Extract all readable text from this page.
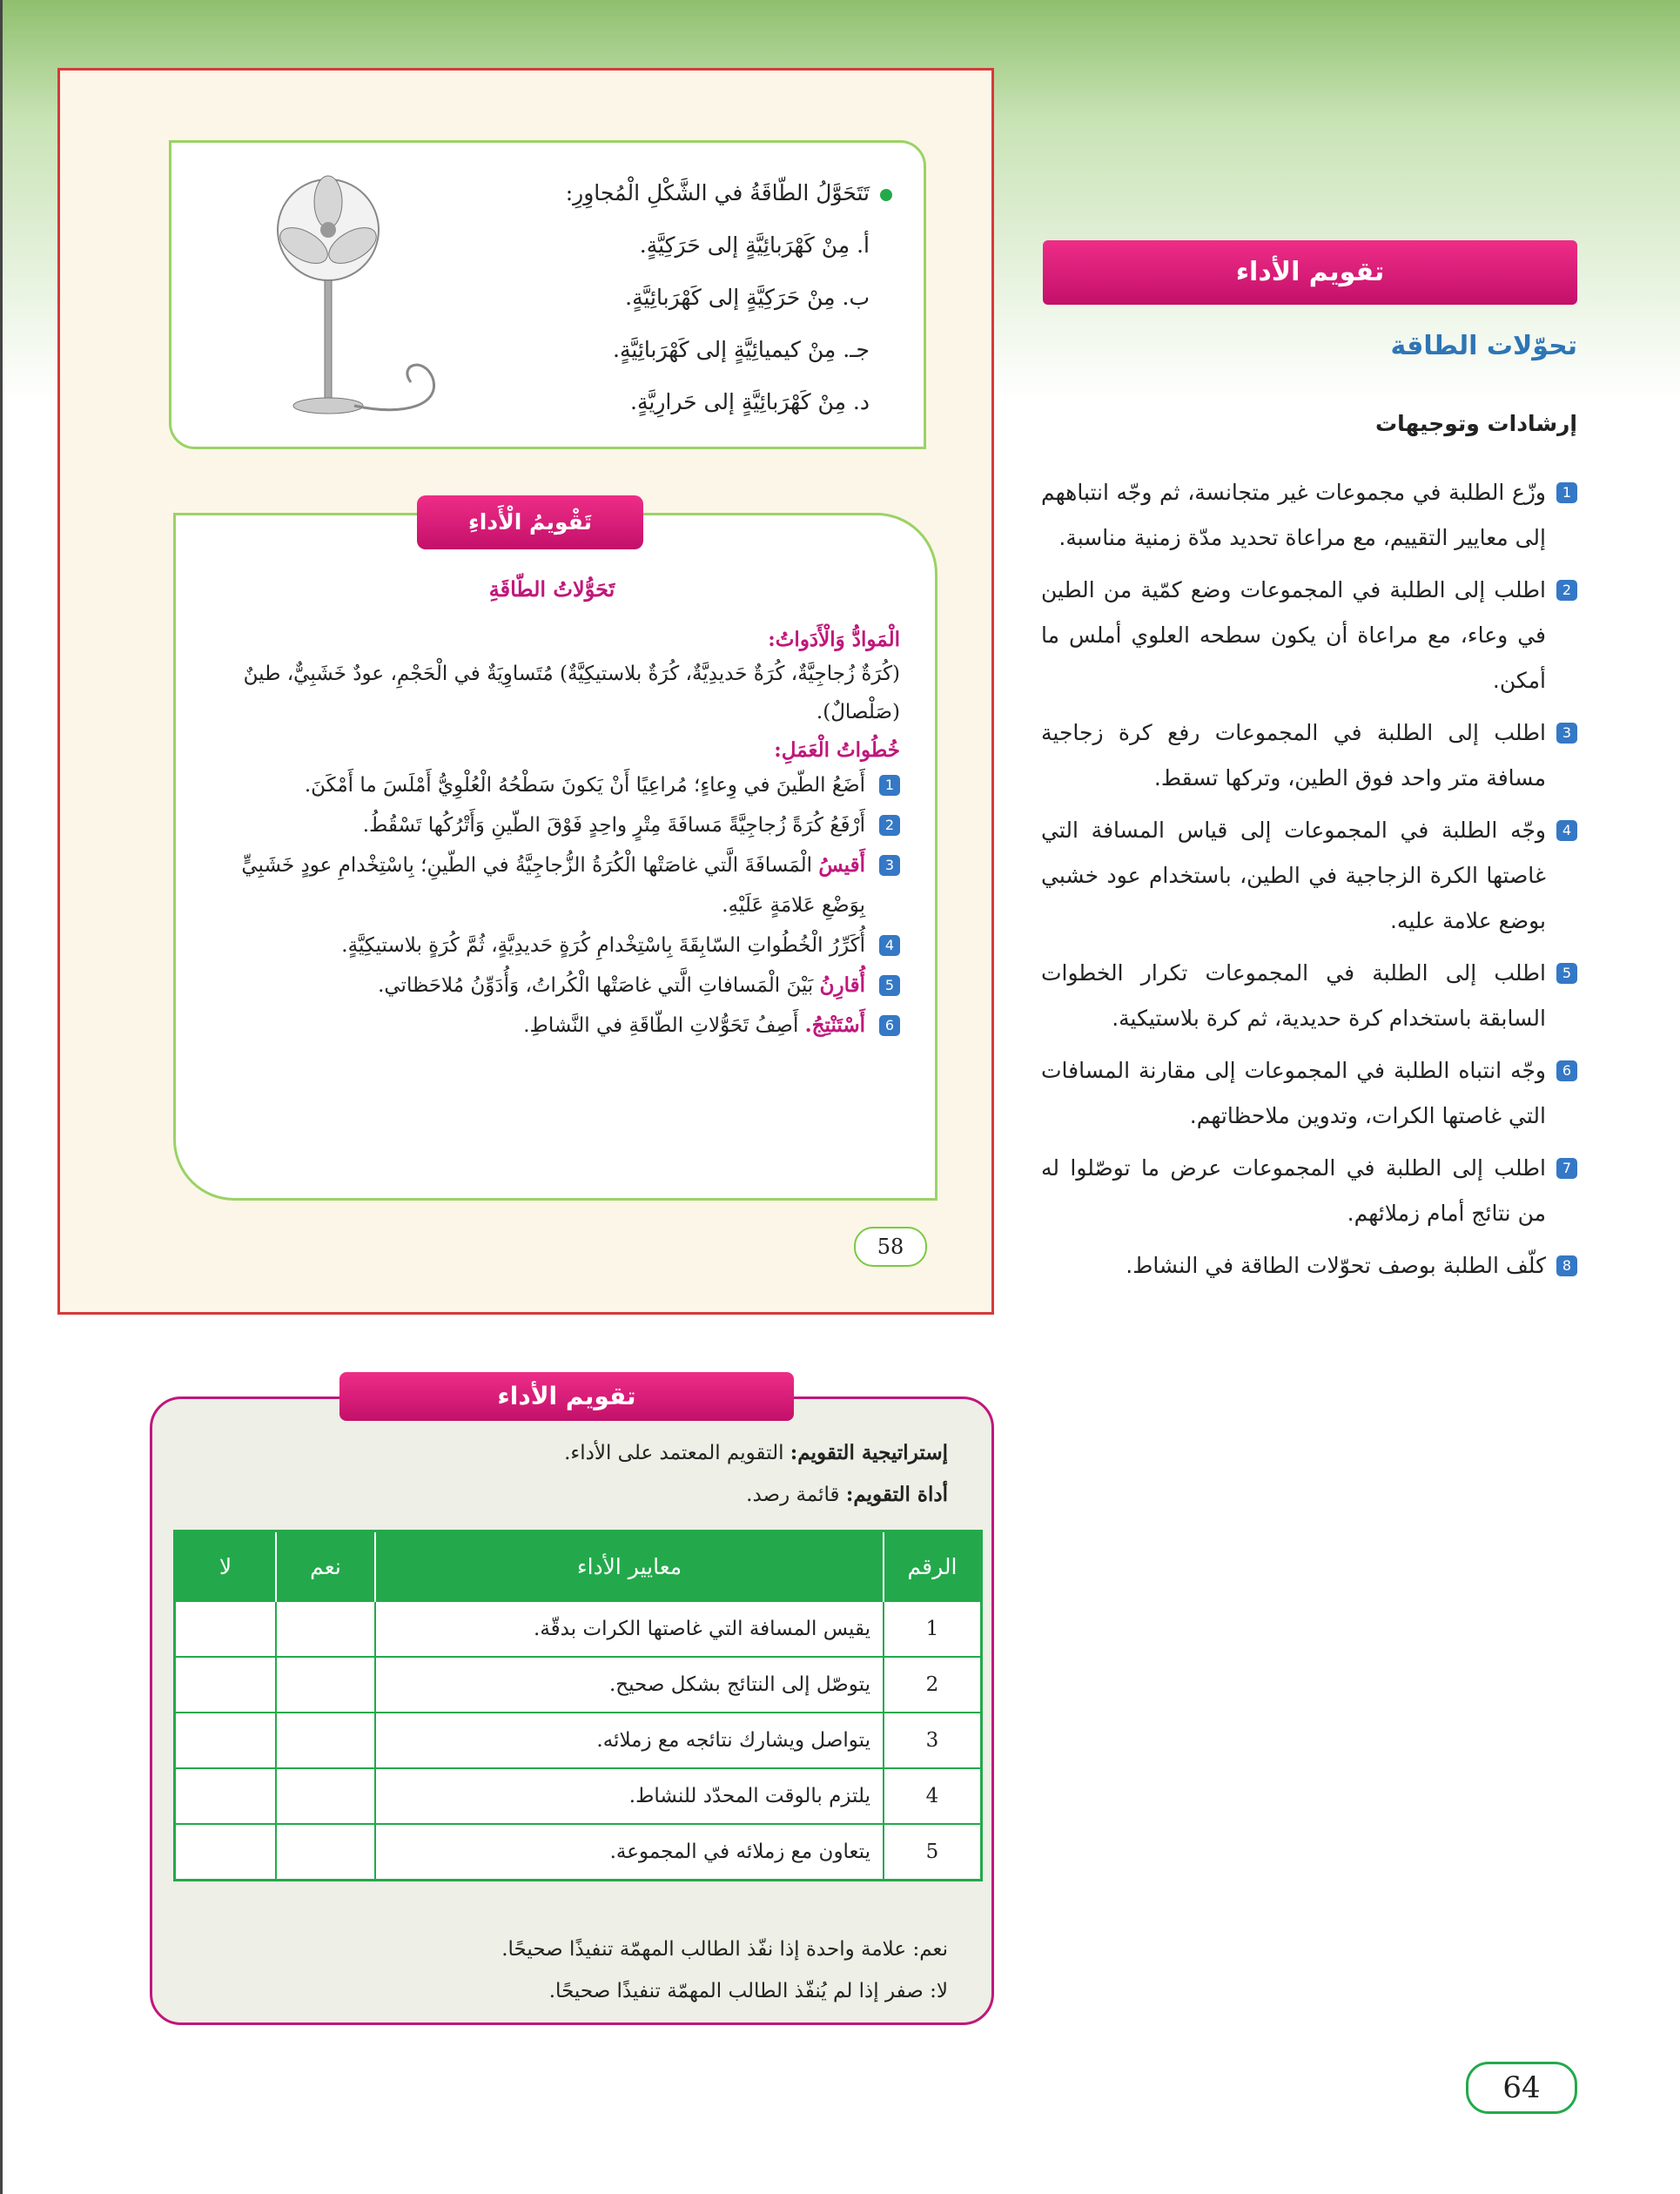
تَتَحَوَّلُ الطّاقَةُ في الشَّكْلِ الْمُجاوِرِ:
أ. مِنْ كَهْرَبائِيَّةٍ إلى حَرَكِيَّةٍ.
ب. مِنْ حَرَكِيَّةٍ إلى كَهْرَبائِيَّةٍ.
جـ. مِنْ كيميائِيَّةٍ إلى كَهْرَبائِيَّةٍ.
د. مِنْ كَهْرَبائِيَّةٍ إلى حَرارِيَّةٍ.
تَحَوُّلاتُ الطّاقَةِ
الْمَوادُّ وَالْأَدَواتُ:
(كُرَةٌ زُجاجِيَّةٌ، كُرَةٌ حَديدِيَّةٌ، كُرَةٌ بلاستيكِيَّةٌ) مُتَساوِيَةٌ في الْحَجْمِ، عودٌ خَشَبِيٌّ، طينٌ (صَلْصالٌ).
خُطُواتُ الْعَمَلِ:
1
أَضَعُ الطّينَ في وِعاءٍ؛ مُراعِيًا أَنْ يَكونَ سَطْحُهُ الْعُلْوِيُّ أَمْلَسَ ما أَمْكَنَ.
2
أَرْفَعُ كُرَةً زُجاجِيَّةً مَسافَةَ مِتْرٍ واحِدٍ فَوْقَ الطّينِ وَأَتْرُكُها تَسْقُطُ.
3
أَقيسُ الْمَسافَةَ الَّتي غاصَتْها الْكُرَةُ الزُّجاجِيَّةُ في الطّينِ؛ بِاسْتِخْدامِ عودٍ خَشَبِيٍّ بِوَضْعِ عَلامَةٍ عَلَيْهِ.
4
أُكَرِّرُ الْخُطُواتِ السّابِقَةَ بِاسْتِخْدامِ كُرَةٍ حَديدِيَّةٍ، ثُمَّ كُرَةٍ بلاستيكِيَّةٍ.
5
أُقارِنُ بَيْنَ الْمَسافاتِ الَّتي غاصَتْها الْكُراتُ، وَأُدَوِّنُ مُلاحَظاتي.
6
أَسْتَنْتِجُ. أَصِفُ تَحَوُّلاتِ الطّاقَةِ في النَّشاطِ.
تَقْويمُ الْأَداءِ
58
إستراتيجية التقويم: التقويم المعتمد على الأداء.
أداة التقويم: قائمة رصد.
الرقم	معايير الأداء	نعم	لا
1	يقيس المسافة التي غاصتها الكرات بدقّة.		
2	يتوصّل إلى النتائج بشكل صحيح.		
3	يتواصل ويشارك نتائجه مع زملائه.		
4	يلتزم بالوقت المحدّد للنشاط.		
5	يتعاون مع زملائه في المجموعة.		
نعم: علامة واحدة إذا نفّذ الطالب المهمّة تنفيذًا صحيحًا.
لا: صفر إذا لم يُنفّذ الطالب المهمّة تنفيذًا صحيحًا.
تقويم الأداء
تقويم الأداء
تحوّلات الطاقة
إرشادات وتوجيهات
1
وزّع الطلبة في مجموعات غير متجانسة، ثم وجّه انتباههم إلى معايير التقييم، مع مراعاة تحديد مدّة زمنية مناسبة.
2
اطلب إلى الطلبة في المجموعات وضع كمّية من الطين في وعاء، مع مراعاة أن يكون سطحه العلوي أملس ما أمكن.
3
اطلب إلى الطلبة في المجموعات رفع كرة زجاجية مسافة متر واحد فوق الطين، وتركها تسقط.
4
وجّه الطلبة في المجموعات إلى قياس المسافة التي غاصتها الكرة الزجاجية في الطين، باستخدام عود خشبي بوضع علامة عليه.
5
اطلب إلى الطلبة في المجموعات تكرار الخطوات السابقة باستخدام كرة حديدية، ثم كرة بلاستيكية.
6
وجّه انتباه الطلبة في المجموعات إلى مقارنة المسافات التي غاصتها الكرات، وتدوين ملاحظاتهم.
7
اطلب إلى الطلبة في المجموعات عرض ما توصّلوا له من نتائج أمام زملائهم.
8
كلّف الطلبة بوصف تحوّلات الطاقة في النشاط.
64
